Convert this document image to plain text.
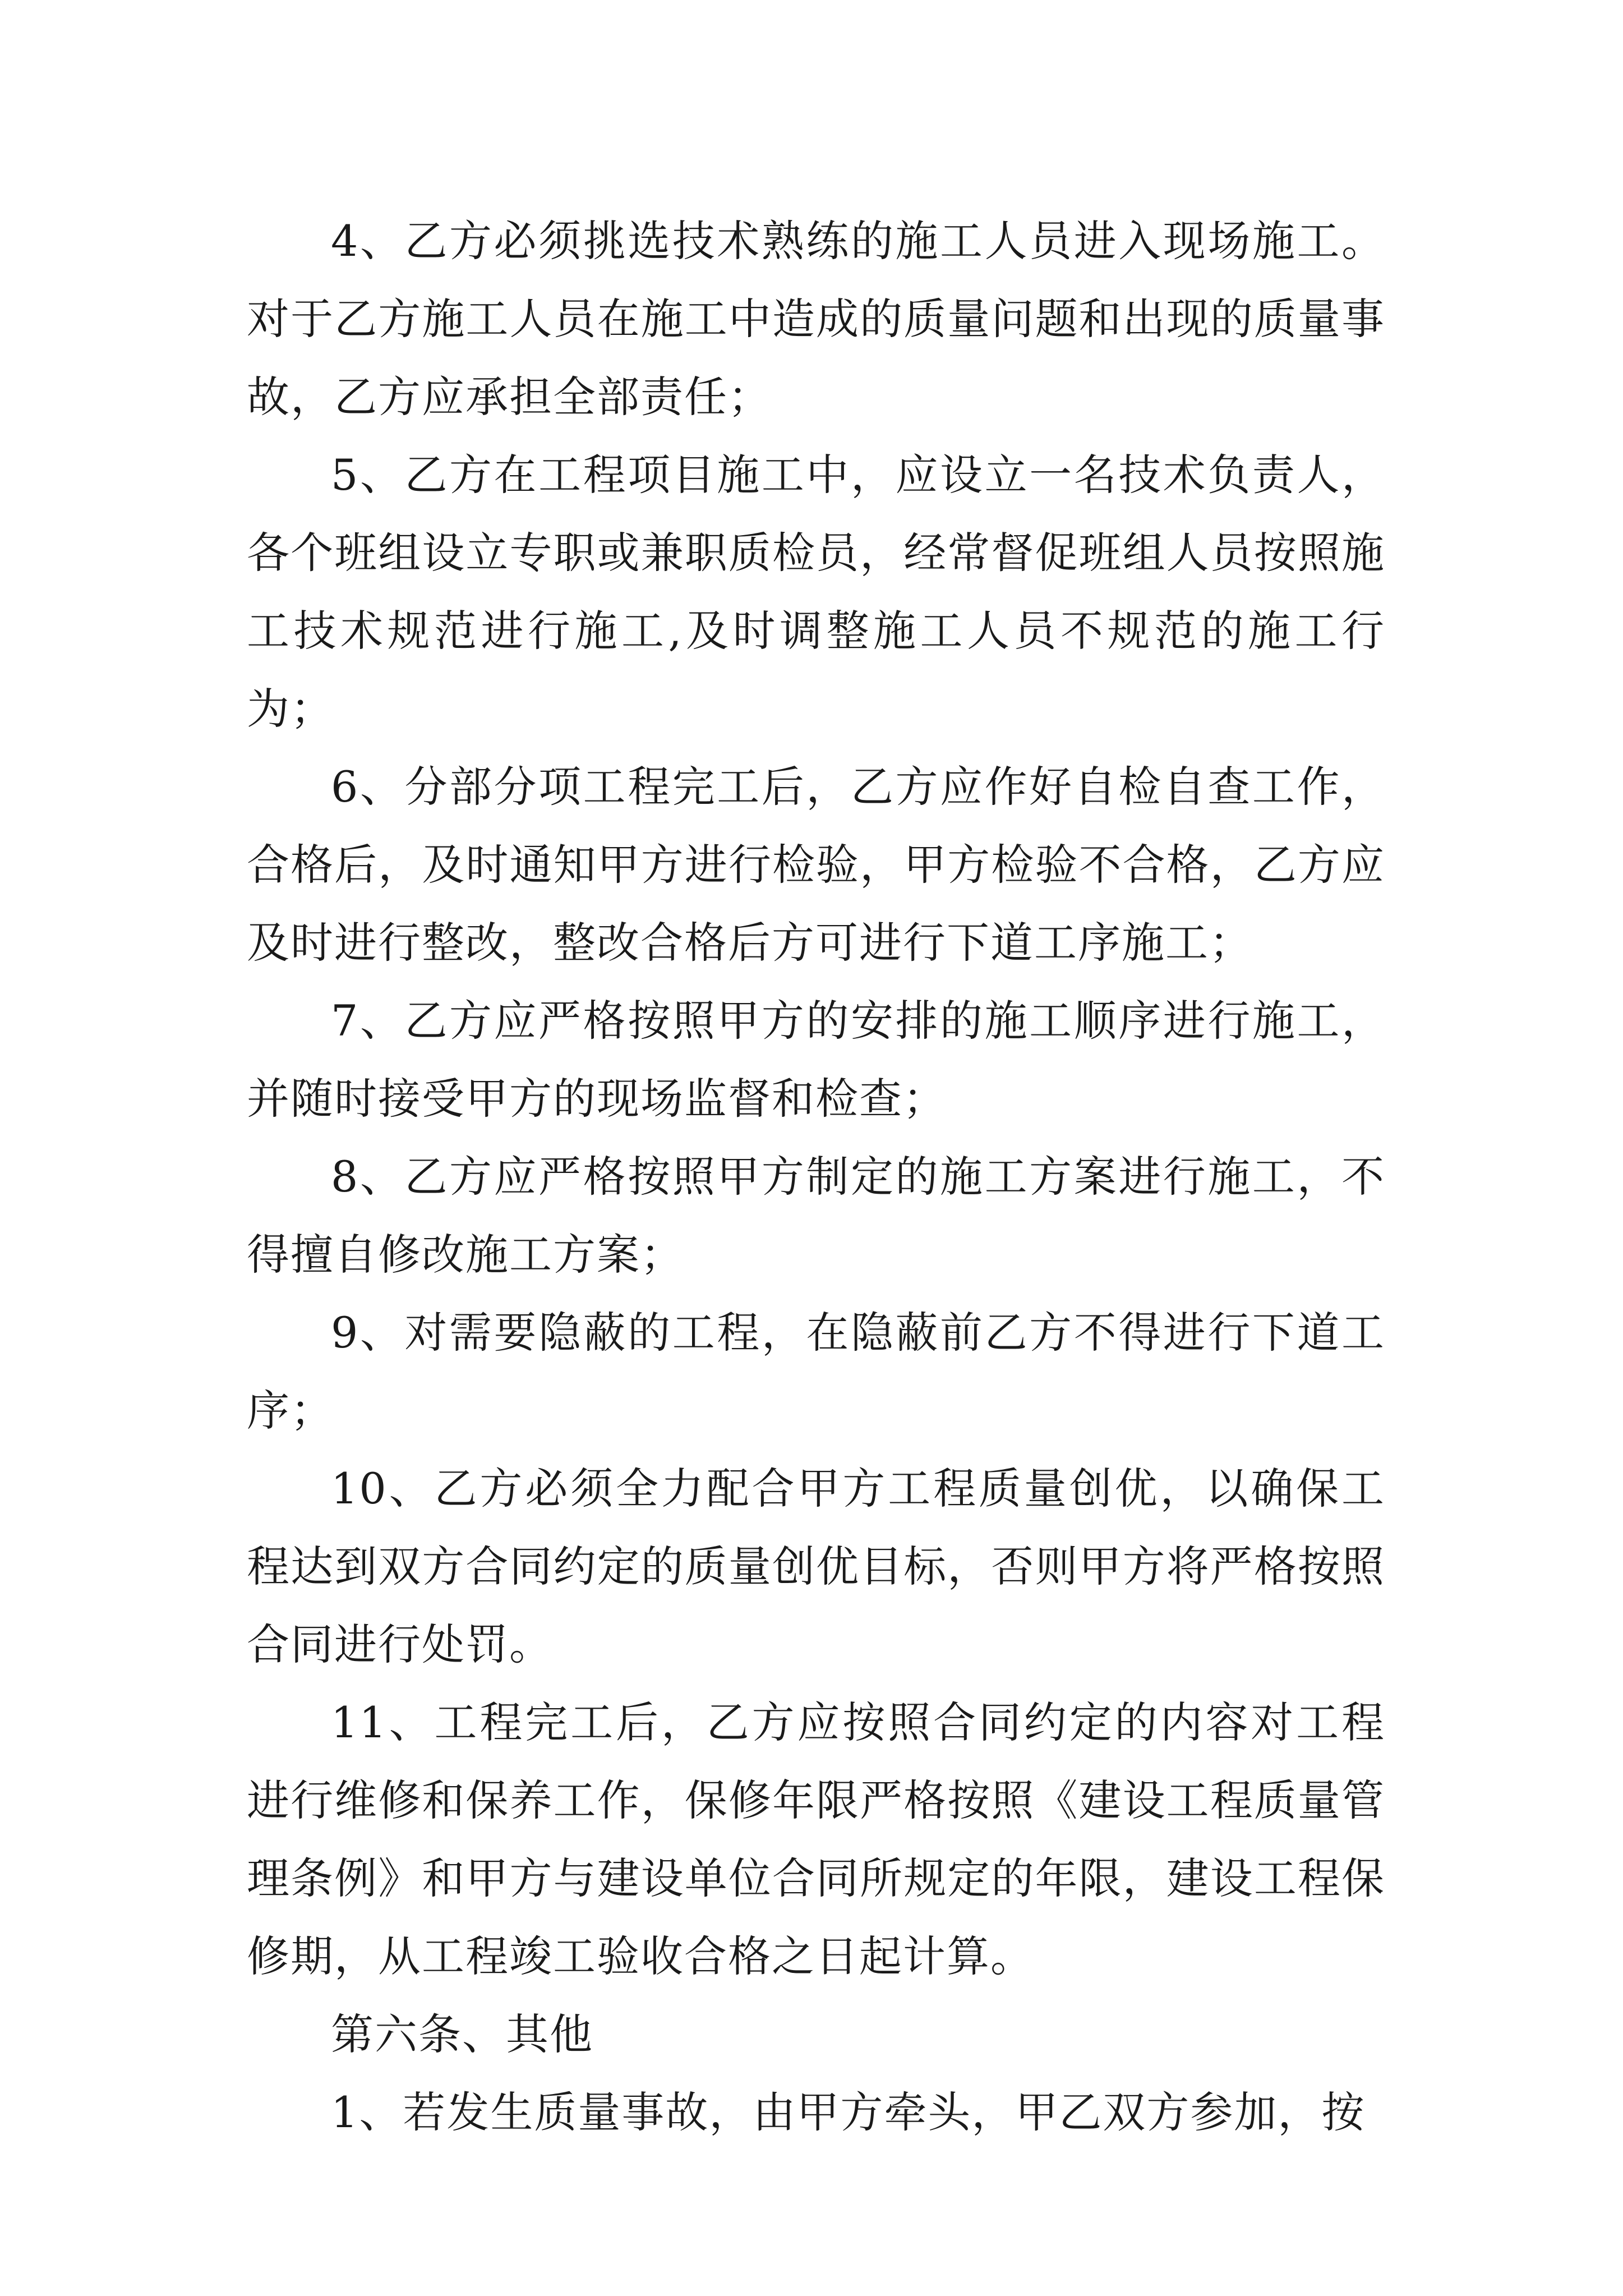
4、乙方必须挑选技术熟练的施工人员进入现场施工。对于乙方施工人员在施工中造成的质量问题和出现的质量事故，乙方应承担全部责任；

5、乙方在工程项目施工中，应设立一名技术负责人，各个班组设立专职或兼职质检员，经常督促班组人员按照施工技术规范进行施工,及时调整施工人员不规范的施工行为；

6、分部分项工程完工后，乙方应作好自检自查工作，合格后，及时通知甲方进行检验，甲方检验不合格，乙方应及时进行整改，整改合格后方可进行下道工序施工；

7、乙方应严格按照甲方的安排的施工顺序进行施工，并随时接受甲方的现场监督和检查；

8、乙方应严格按照甲方制定的施工方案进行施工，不得擅自修改施工方案；

9、对需要隐蔽的工程，在隐蔽前乙方不得进行下道工序；

10、乙方必须全力配合甲方工程质量创优，以确保工程达到双方合同约定的质量创优目标，否则甲方将严格按照合同进行处罚。

11、工程完工后，乙方应按照合同约定的内容对工程进行维修和保养工作，保修年限严格按照《建设工程质量管理条例》和甲方与建设单位合同所规定的年限，建设工程保修期，从工程竣工验收合格之日起计算。

第六条、其他

1、若发生质量事故，由甲方牵头，甲乙双方参加，按
